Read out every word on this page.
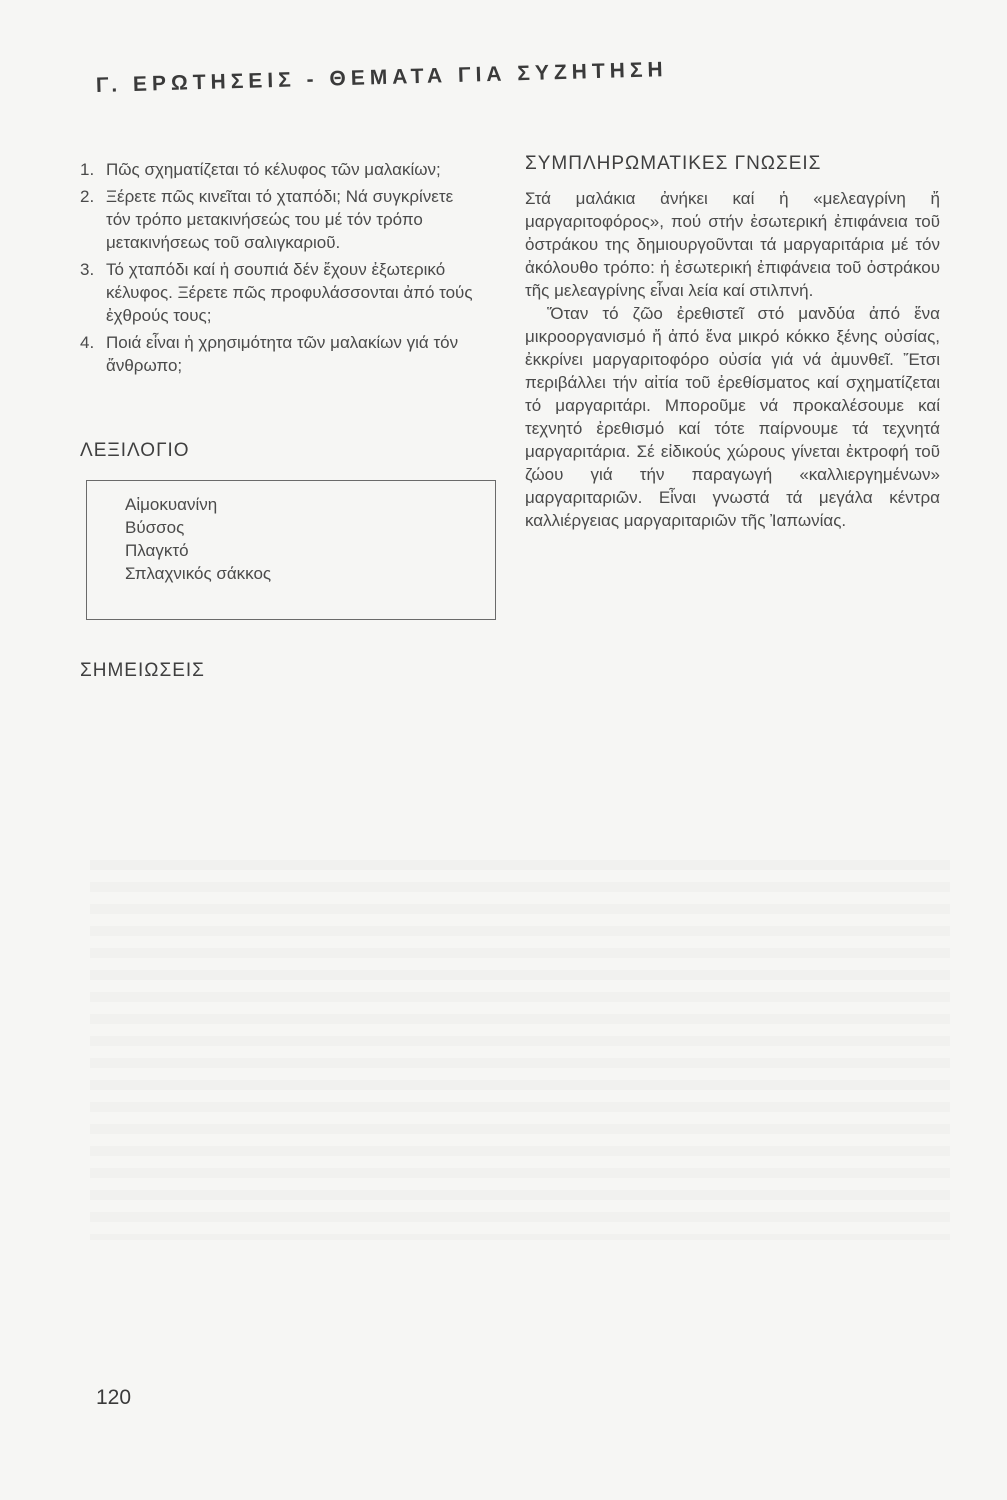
Γ. ΕΡΩΤΗΣΕΙΣ - ΘΕΜΑΤΑ ΓΙΑ ΣΥΖΗΤΗΣΗ
1. Πῶς σχηματίζεται τό κέλυφος τῶν μαλακίων;
2. Ξέρετε πῶς κινεῖται τό χταπόδι; Νά συγκρίνετε τόν τρόπο μετακινήσεώς του μέ τόν τρόπο μετακινήσεως τοῦ σαλιγκαριοῦ.
3. Τό χταπόδι καί ἡ σουπιά δέν ἔχουν ἐξωτερικό κέλυφος. Ξέρετε πῶς προφυλάσσονται ἀπό τούς ἐχθρούς τους;
4. Ποιά εἶναι ἡ χρησιμότητα τῶν μαλακίων γιά τόν ἄνθρωπο;
ΛΕΞΙΛΟΓΙΟ
Αἱμοκυανίνη
Βύσσος
Πλαγκτό
Σπλαχνικός σάκκος
ΣΗΜΕΙΩΣΕΙΣ
ΣΥΜΠΛΗΡΩΜΑΤΙΚΕΣ ΓΝΩΣΕΙΣ

Στά μαλάκια ἀνήκει καί ἡ «μελεαγρίνη ἤ μαργαριτοφόρος», πού στήν ἐσωτερική ἐπιφάνεια τοῦ ὀστράκου της δημιουργοῦνται τά μαργαριτάρια μέ τόν ἀκόλουθο τρόπο: ἡ ἐσωτερική ἐπιφάνεια τοῦ ὀστράκου τῆς μελεαγρίνης εἶναι λεία καί στιλπνή.

Ὅταν τό ζῶο ἐρεθιστεῖ στό μανδύα ἀπό ἕνα μικροοργανισμό ἤ ἀπό ἕνα μικρό κόκκο ξένης οὐσίας, ἐκκρίνει μαργαριτοφόρο οὐσία γιά νά ἀμυνθεῖ. Ἔτσι περιβάλλει τήν αἰτία τοῦ ἐρεθίσματος καί σχηματίζεται τό μαργαριτάρι. Μποροῦμε νά προκαλέσουμε καί τεχνητό ἐρεθισμό καί τότε παίρνουμε τά τεχνητά μαργαριτάρια. Σέ εἰδικούς χώρους γίνεται ἐκτροφή τοῦ ζώου γιά τήν παραγωγή «καλλιεργημένων» μαργαριταριῶν. Εἶναι γνωστά τά μεγάλα κέντρα καλλιέργειας μαργαριταριῶν τῆς Ἰαπωνίας.

120
